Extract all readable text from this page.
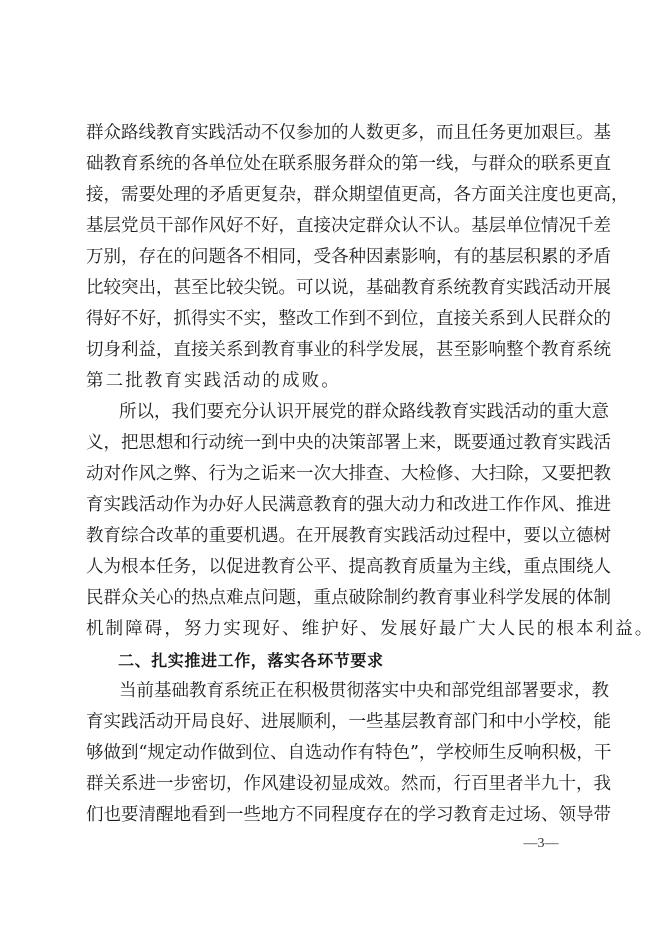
群众路线教育实践活动不仅参加的人数更多，而且任务更加艰巨。基
础教育系统的各单位处在联系服务群众的第一线，与群众的联系更直
接，需要处理的矛盾更复杂，群众期望值更高，各方面关注度也更高，
基层党员干部作风好不好，直接决定群众认不认。基层单位情况千差
万别，存在的问题各不相同，受各种因素影响，有的基层积累的矛盾
比较突出，甚至比较尖锐。可以说，基础教育系统教育实践活动开展
得好不好，抓得实不实，整改工作到不到位，直接关系到人民群众的
切身利益，直接关系到教育事业的科学发展，甚至影响整个教育系统
第二批教育实践活动的成败。
所以，我们要充分认识开展党的群众路线教育实践活动的重大意
义，把思想和行动统一到中央的决策部署上来，既要通过教育实践活
动对作风之弊、行为之诟来一次大排查、大检修、大扫除，又要把教
育实践活动作为办好人民满意教育的强大动力和改进工作作风、推进
教育综合改革的重要机遇。在开展教育实践活动过程中，要以立德树
人为根本任务，以促进教育公平、提高教育质量为主线，重点围绕人
民群众关心的热点难点问题，重点破除制约教育事业科学发展的体制
机制障碍，努力实现好、维护好、发展好最广大人民的根本利益。
二、扎实推进工作，落实各环节要求
当前基础教育系统正在积极贯彻落实中央和部党组部署要求，教
育实践活动开局良好、进展顺利，一些基层教育部门和中小学校，能
够做到“规定动作做到位、自选动作有特色”，学校师生反响积极，干
群关系进一步密切，作风建设初显成效。然而，行百里者半九十，我
们也要清醒地看到一些地方不同程度存在的学习教育走过场、领导带
—3—
